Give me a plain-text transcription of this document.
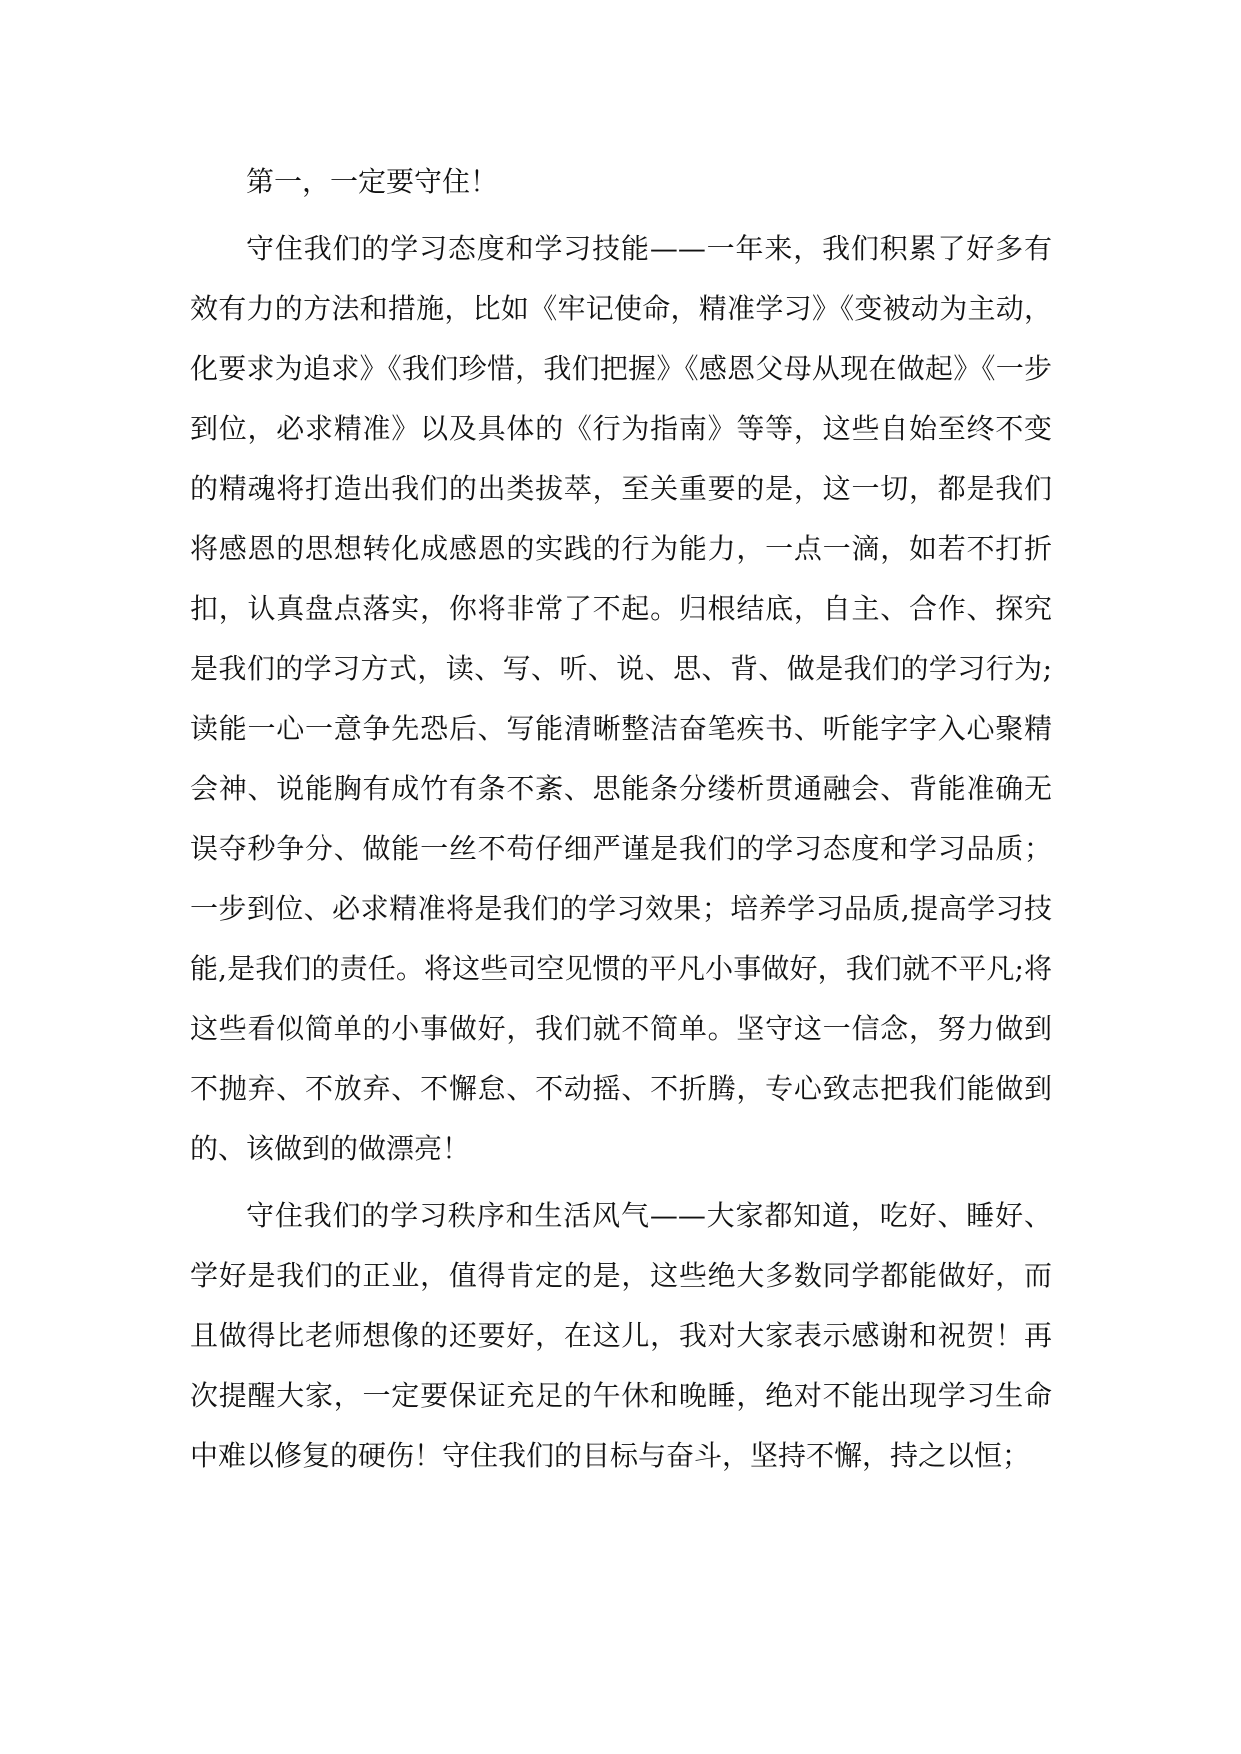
第一，一定要守住！

守住我们的学习态度和学习技能——一年来，我们积累了好多有效有力的方法和措施，比如《牢记使命，精准学习》《变被动为主动，化要求为追求》《我们珍惜，我们把握》《感恩父母从现在做起》《一步到位，必求精准》以及具体的《行为指南》等等，这些自始至终不变的精魂将打造出我们的出类拔萃，至关重要的是，这一切，都是我们将感恩的思想转化成感恩的实践的行为能力，一点一滴，如若不打折扣，认真盘点落实，你将非常了不起。归根结底，自主、合作、探究是我们的学习方式，读、写、听、说、思、背、做是我们的学习行为;读能一心一意争先恐后、写能清晰整洁奋笔疾书、听能字字入心聚精会神、说能胸有成竹有条不紊、思能条分缕析贯通融会、背能准确无误夺秒争分、做能一丝不苟仔细严谨是我们的学习态度和学习品质；一步到位、必求精准将是我们的学习效果；培养学习品质,提高学习技能,是我们的责任。将这些司空见惯的平凡小事做好，我们就不平凡;将这些看似简单的小事做好，我们就不简单。坚守这一信念，努力做到不抛弃、不放弃、不懈怠、不动摇、不折腾，专心致志把我们能做到的、该做到的做漂亮！

守住我们的学习秩序和生活风气——大家都知道，吃好、睡好、学好是我们的正业，值得肯定的是，这些绝大多数同学都能做好，而且做得比老师想像的还要好，在这儿，我对大家表示感谢和祝贺！再次提醒大家，一定要保证充足的午休和晚睡，绝对不能出现学习生命中难以修复的硬伤！守住我们的目标与奋斗，坚持不懈，持之以恒；
